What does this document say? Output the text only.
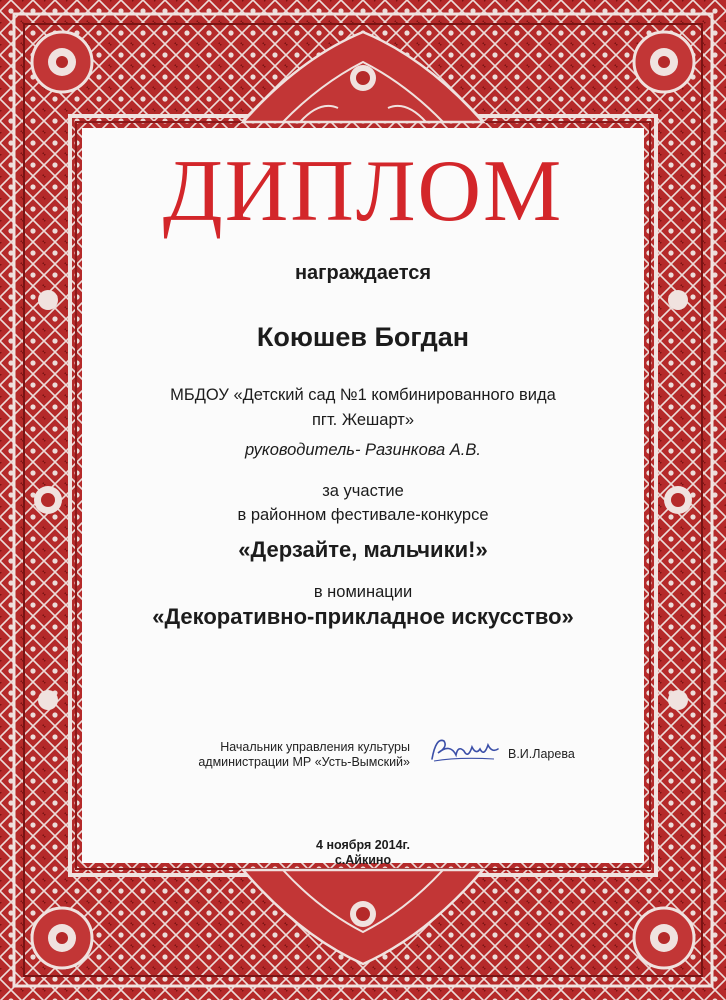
ДИПЛОМ
награждается
Коюшев Богдан
МБДОУ «Детский сад №1 комбинированного вида
пгт. Жешарт»
руководитель- Разинкова А.В.
за участие
в районном фестивале-конкурсе
«Дерзайте, мальчики!»
в номинации
«Декоративно-прикладное искусство»
Начальник управления культуры
администрации МР «Усть-Вымский»
В.И.Ларева
4 ноября 2014г.
с.Айкино
